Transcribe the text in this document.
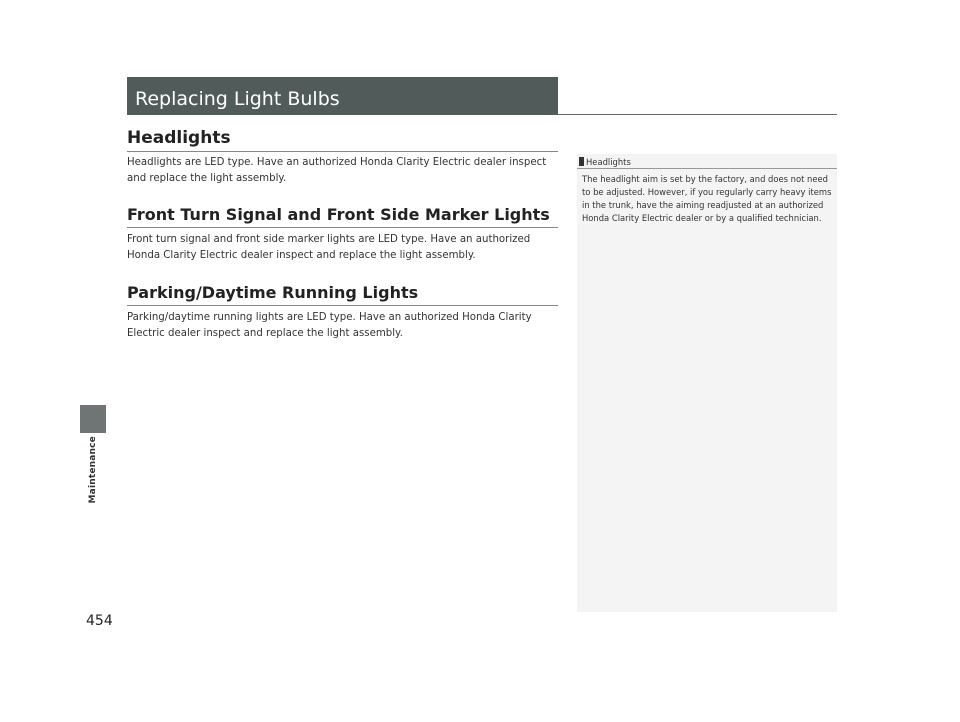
Maintenance
454
Replacing Light Bulbs
Headlights
Headlights are LED type. Have an authorized Honda Clarity Electric dealer inspect and replace the light assembly.
Front Turn Signal and Front Side Marker Lights
Front turn signal and front side marker lights are LED type. Have an authorized Honda Clarity Electric dealer inspect and replace the light assembly.
Parking/Daytime Running Lights
Parking/daytime running lights are LED type. Have an authorized Honda Clarity Electric dealer inspect and replace the light assembly.
Headlights
The headlight aim is set by the factory, and does not need to be adjusted. However, if you regularly carry heavy items in the trunk, have the aiming readjusted at an authorized Honda Clarity Electric dealer or by a qualified technician.
